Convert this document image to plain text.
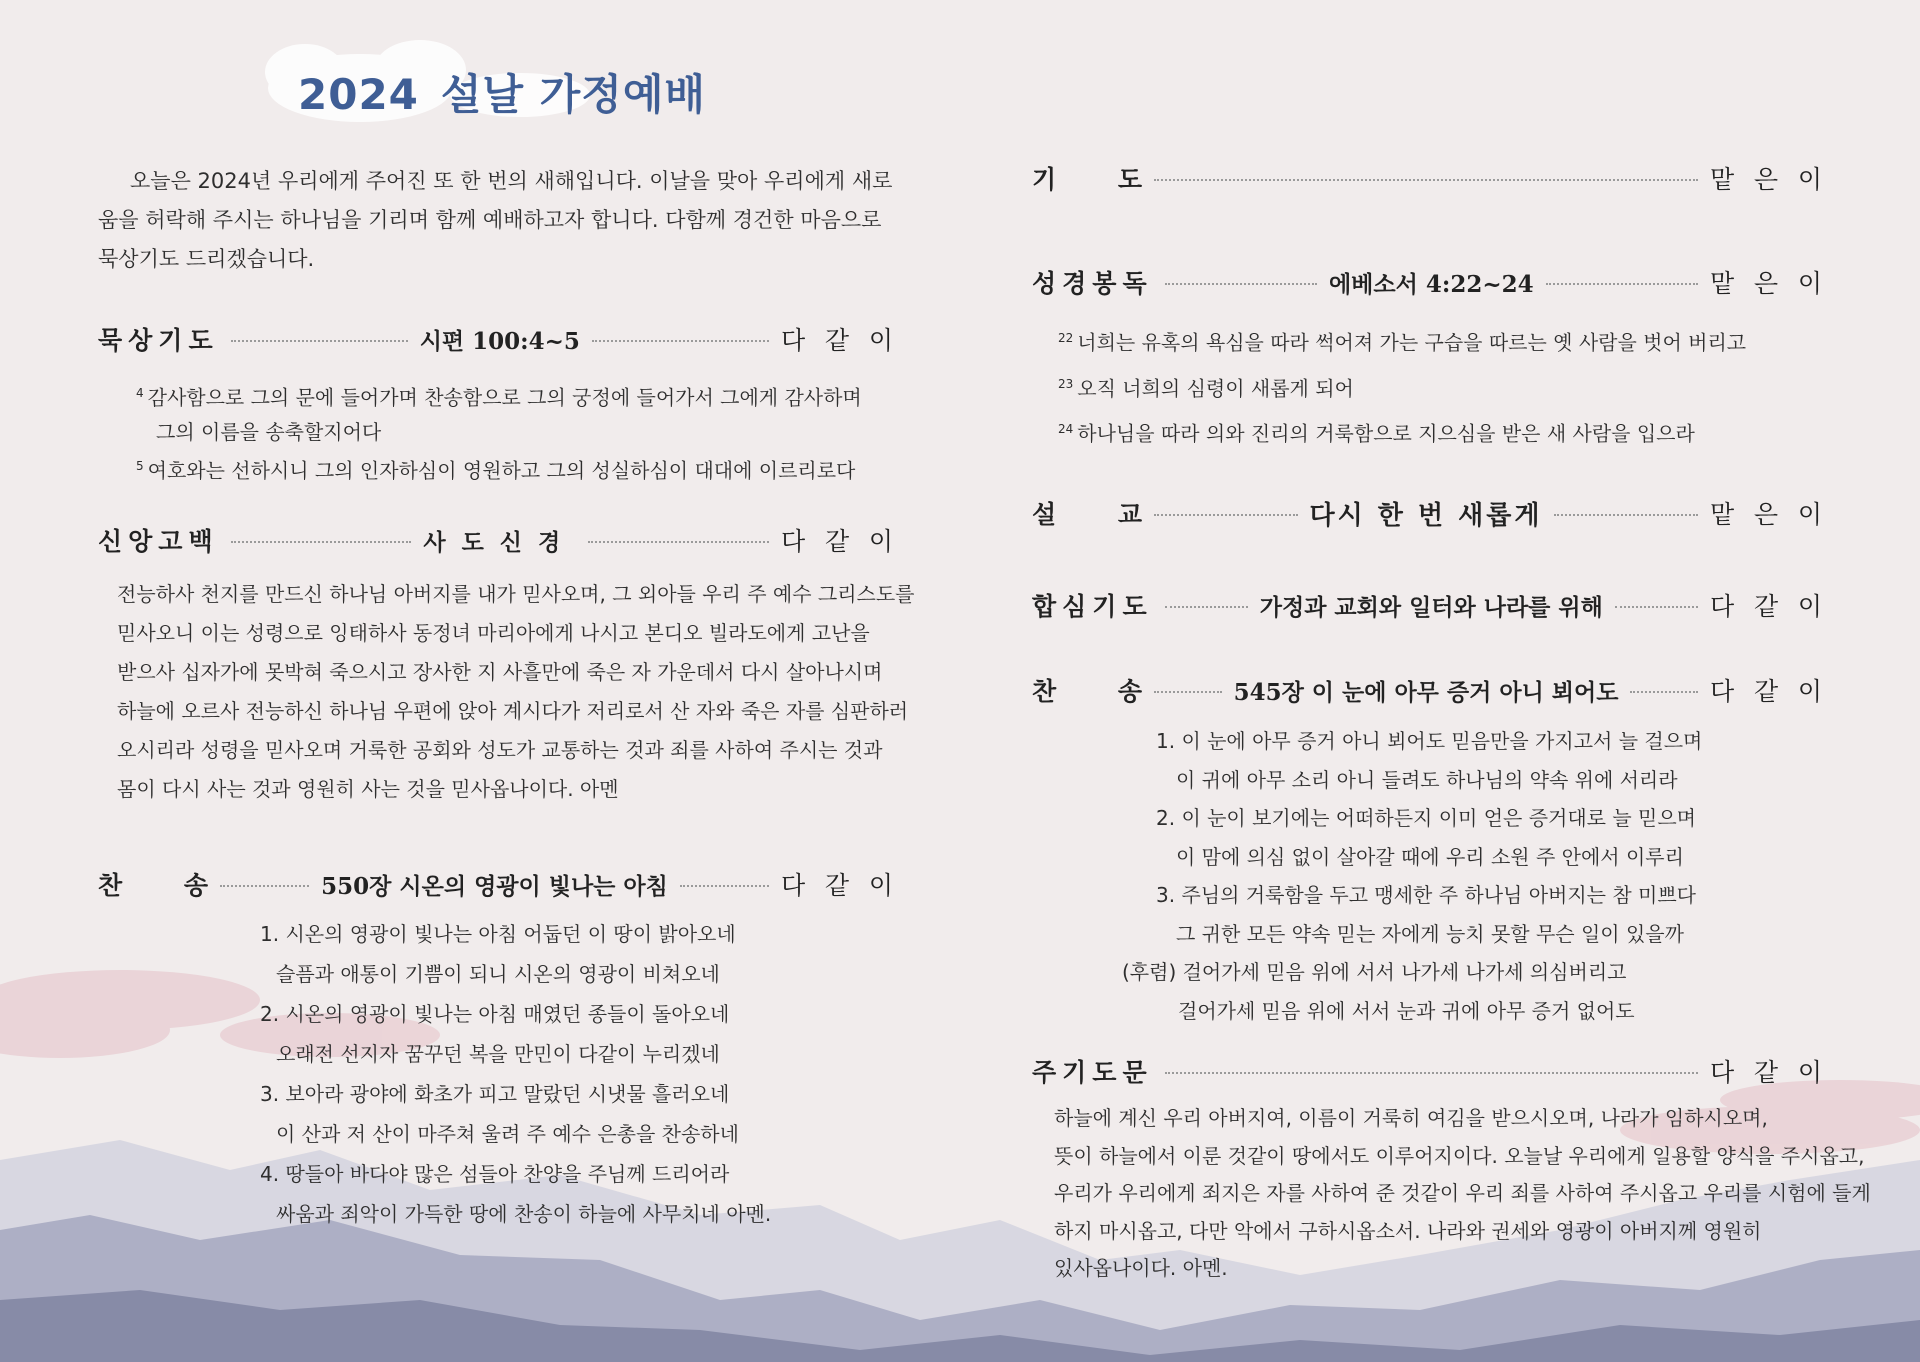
2024 설날 가정예배
오늘은 2024년 우리에게 주어진 또 한 번의 새해입니다. 이날을 맞아 우리에게 새로
움을 허락해 주시는 하나님을 기리며 함께 예배하고자 합니다. 다함께 경건한 마음으로
묵상기도 드리겠습니다.
묵상기도	시편 100:4~5	다 같 이
$^4$ 감사함으로 그의 문에 들어가며 찬송함으로 그의 궁정에 들어가서 그에게 감사하며
그의 이름을 송축할지어다
$^5$ 여호와는 선하시니 그의 인자하심이 영원하고 그의 성실하심이 대대에 이르리로다
신앙고백	사도신경	다 같 이
전능하사 천지를 만드신 하나님 아버지를 내가 믿사오며, 그 외아들 우리 주 예수 그리스도를
믿사오니 이는 성령으로 잉태하사 동정녀 마리아에게 나시고 본디오 빌라도에게 고난을
받으사 십자가에 못박혀 죽으시고 장사한 지 사흘만에 죽은 자 가운데서 다시 살아나시며
하늘에 오르사 전능하신 하나님 우편에 앉아 계시다가 저리로서 산 자와 죽은 자를 심판하러
오시리라 성령을 믿사오며 거룩한 공회와 성도가 교통하는 것과 죄를 사하여 주시는 것과
몸이 다시 사는 것과 영원히 사는 것을 믿사옵나이다. 아멘
찬 송	550장 시온의 영광이 빛나는 아침	다 같 이
1. 시온의 영광이 빛나는 아침 어둡던 이 땅이 밝아오네
슬픔과 애통이 기쁨이 되니 시온의 영광이 비쳐오네
2. 시온의 영광이 빛나는 아침 매였던 종들이 돌아오네
오래전 선지자 꿈꾸던 복을 만민이 다같이 누리겠네
3. 보아라 광야에 화초가 피고 말랐던 시냇물 흘러오네
이 산과 저 산이 마주쳐 울려 주 예수 은총을 찬송하네
4. 땅들아 바다야 많은 섬들아 찬양을 주님께 드리어라
싸움과 죄악이 가득한 땅에 찬송이 하늘에 사무치네 아멘.
기 도	맡 은 이
성경봉독	에베소서 4:22~24	맡 은 이
$^{22}$ 너희는 유혹의 욕심을 따라 썩어져 가는 구습을 따르는 옛 사람을 벗어 버리고
$^{23}$ 오직 너희의 심령이 새롭게 되어
$^{24}$ 하나님을 따라 의와 진리의 거룩함으로 지으심을 받은 새 사람을 입으라
설 교	다시 한 번 새롭게	맡 은 이
합심기도	가정과 교회와 일터와 나라를 위해	다 같 이
찬 송	545장 이 눈에 아무 증거 아니 뵈어도	다 같 이
1. 이 눈에 아무 증거 아니 뵈어도 믿음만을 가지고서 늘 걸으며
이 귀에 아무 소리 아니 들려도 하나님의 약속 위에 서리라
2. 이 눈이 보기에는 어떠하든지 이미 얻은 증거대로 늘 믿으며
이 맘에 의심 없이 살아갈 때에 우리 소원 주 안에서 이루리
3. 주님의 거룩함을 두고 맹세한 주 하나님 아버지는 참 미쁘다
그 귀한 모든 약속 믿는 자에게 능치 못할 무슨 일이 있을까
(후렴) 걸어가세 믿음 위에 서서 나가세 나가세 의심버리고
걸어가세 믿음 위에 서서 눈과 귀에 아무 증거 없어도
주기도문	다 같 이
하늘에 계신 우리 아버지여, 이름이 거룩히 여김을 받으시오며, 나라가 임하시오며,
뜻이 하늘에서 이룬 것같이 땅에서도 이루어지이다. 오늘날 우리에게 일용할 양식을 주시옵고,
우리가 우리에게 죄지은 자를 사하여 준 것같이 우리 죄를 사하여 주시옵고 우리를 시험에 들게
하지 마시옵고, 다만 악에서 구하시옵소서. 나라와 권세와 영광이 아버지께 영원히
있사옵나이다. 아멘.
